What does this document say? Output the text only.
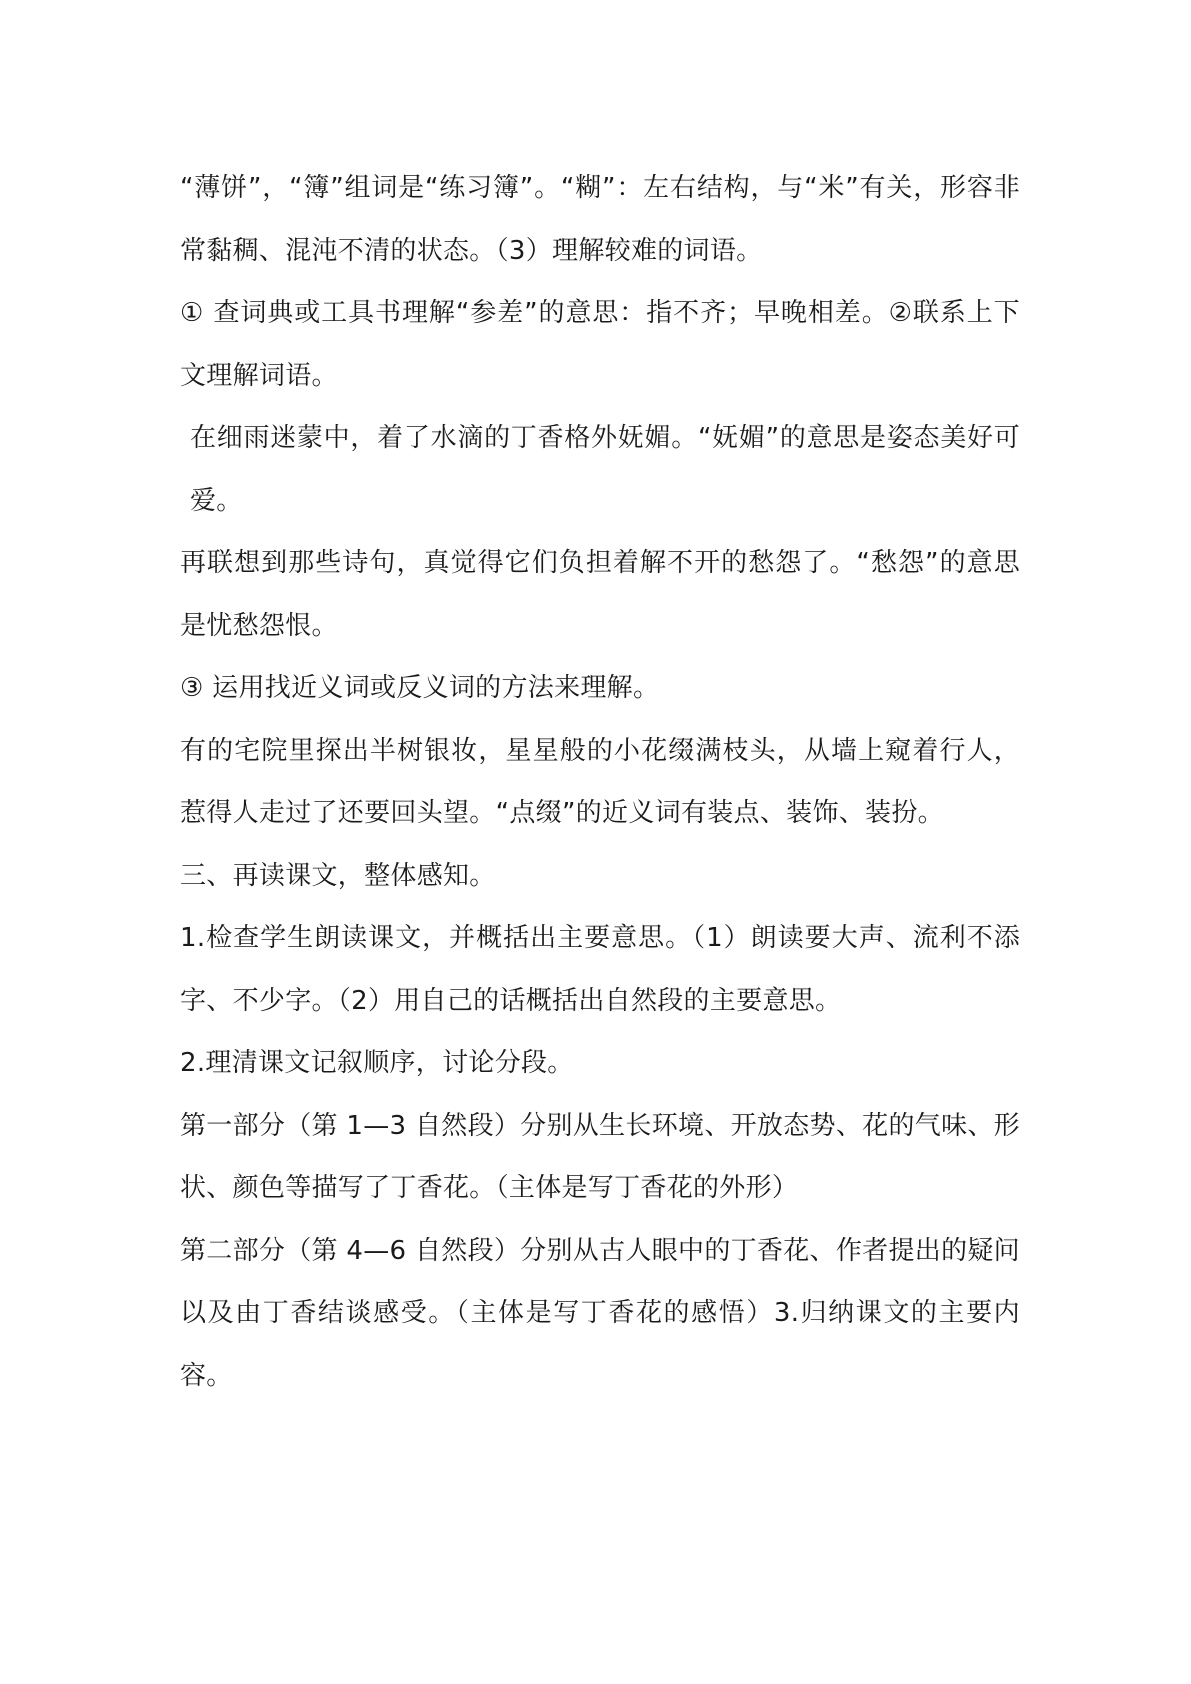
“薄饼”，“簿”组词是“练习簿”。“糊”：左右结构，与“米”有关，形容非常黏稠、混沌不清的状态。（3）理解较难的词语。

① 查词典或工具书理解“参差”的意思：指不齐；早晚相差。②联系上下文理解词语。

在细雨迷蒙中，着了水滴的丁香格外妩媚。“妩媚”的意思是姿态美好可爱。

再联想到那些诗句，真觉得它们负担着解不开的愁怨了。“愁怨”的意思是忧愁怨恨。

③ 运用找近义词或反义词的方法来理解。

有的宅院里探出半树银妆，星星般的小花缀满枝头，从墙上窥着行人，惹得人走过了还要回头望。“点缀”的近义词有装点、装饰、装扮。

三、再读课文，整体感知。

1.检查学生朗读课文，并概括出主要意思。（1）朗读要大声、流利不添字、不少字。（2）用自己的话概括出自然段的主要意思。

2.理清课文记叙顺序，讨论分段。

第一部分（第 1—3 自然段）分别从生长环境、开放态势、花的气味、形状、颜色等描写了丁香花。（主体是写丁香花的外形）

第二部分（第 4—6 自然段）分别从古人眼中的丁香花、作者提出的疑问以及由丁香结谈感受。（主体是写丁香花的感悟）3.归纳课文的主要内容。
